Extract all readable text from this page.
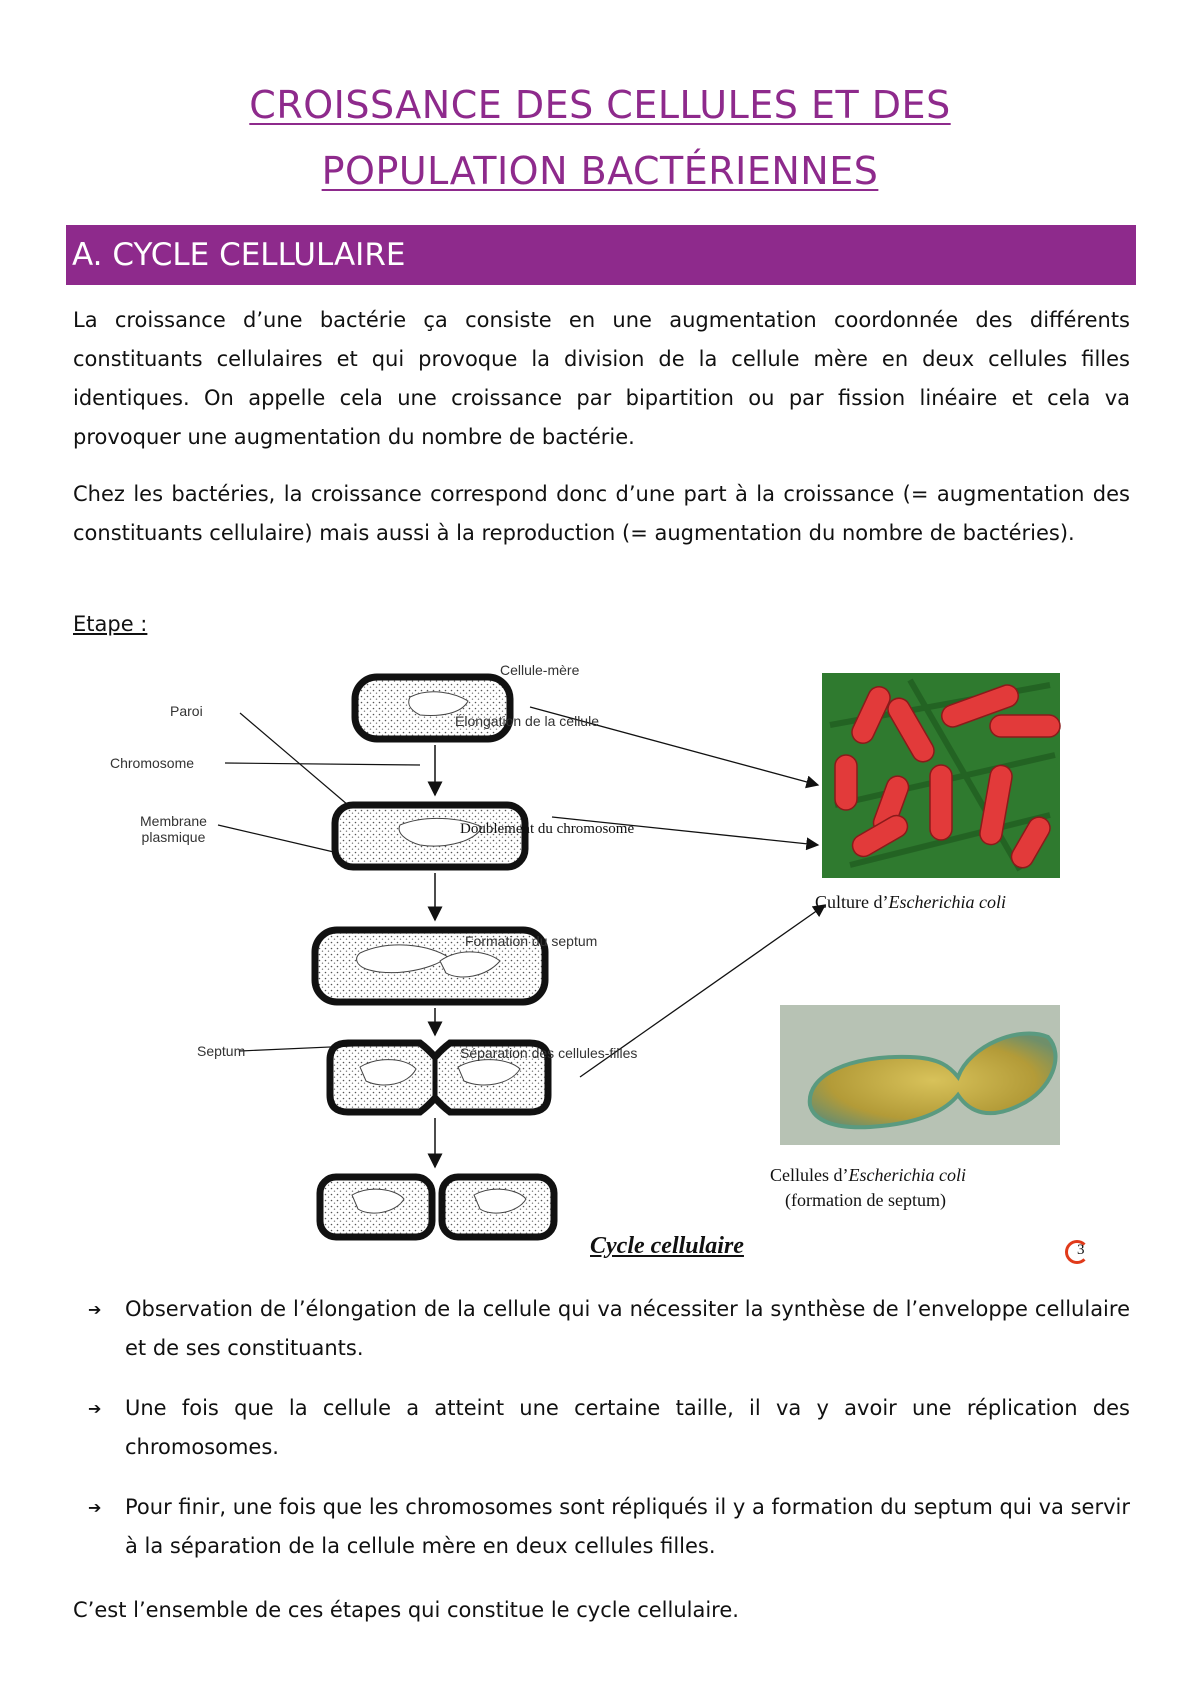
CROISSANCE DES CELLULES ET DES
POPULATION BACTÉRIENNES
A. CYCLE CELLULAIRE

La croissance d’une bactérie ça consiste en une augmentation coordonnée des différents constituants cellulaires et qui provoque la division de la cellule mère en deux cellules filles identiques. On appelle cela une croissance par bipartition ou par fission linéaire et cela va provoquer une augmentation du nombre de bactérie.

Chez les bactéries, la croissance correspond donc d’une part à la croissance (= augmentation des constituants cellulaire) mais aussi à la reproduction (= augmentation du nombre de bactéries).

Etape :
Cellule-mère
Paroi
Élongation de la cellule
Chromosome
Membrane
plasmique	Doublement du chromosome
Formation du septum
Septum	Séparation des cellules-filles
Culture d’Escherichia coli
Cellules d’Escherichia coli
(formation de septum)
Cycle cellulaire	3
➔ Observation de l’élongation de la cellule qui va nécessiter la synthèse de l’enveloppe cellulaire et de ses constituants.
➔ Une fois que la cellule a atteint une certaine taille, il va y avoir une réplication des chromosomes.
➔ Pour finir, une fois que les chromosomes sont répliqués il y a formation du septum qui va servir à la séparation de la cellule mère en deux cellules filles.
C’est l’ensemble de ces étapes qui constitue le cycle cellulaire.
